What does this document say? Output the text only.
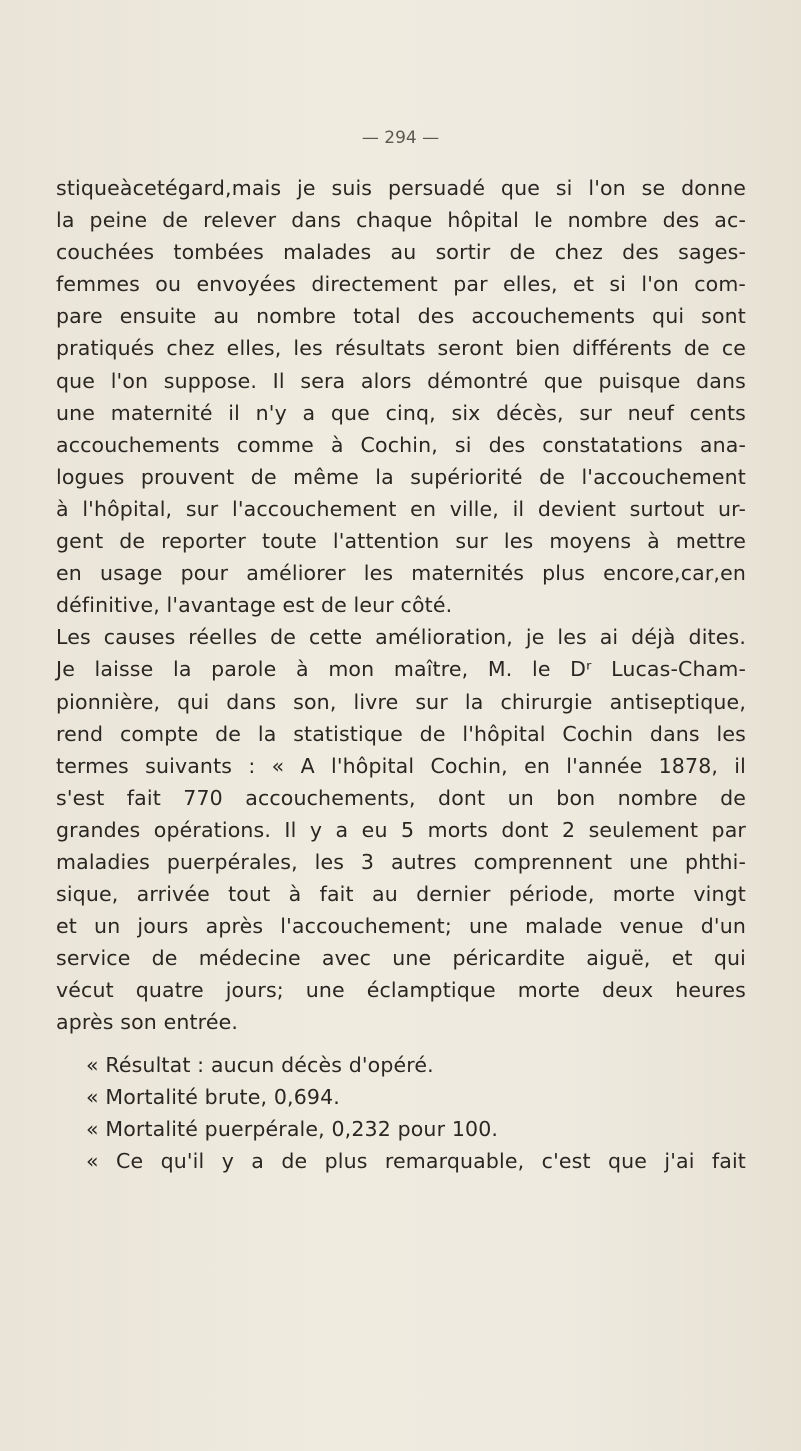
— 294 —
stiqueàcetégard,mais je suis persuadé que si l'on se donne
la peine de relever dans chaque hôpital le nombre des ac-
couchées tombées malades au sortir de chez des sages-
femmes ou envoyées directement par elles, et si l'on com-
pare ensuite au nombre total des accouchements qui sont
pratiqués chez elles, les résultats seront bien différents de ce
que l'on suppose. Il sera alors démontré que puisque dans
une maternité il n'y a que cinq, six décès, sur neuf cents
accouchements comme à Cochin, si des constatations ana-
logues prouvent de même la supériorité de l'accouchement
à l'hôpital, sur l'accouchement en ville, il devient surtout ur-
gent de reporter toute l'attention sur les moyens à mettre
en usage pour améliorer les maternités plus encore,car,en
définitive, l'avantage est de leur côté.
Les causes réelles de cette amélioration, je les ai déjà dites.
Je laisse la parole à mon maître, M. le Dʳ Lucas-Cham-
pionnière, qui dans son, livre sur la chirurgie antiseptique,
rend compte de la statistique de l'hôpital Cochin dans les
termes suivants : « A l'hôpital Cochin, en l'année 1878, il
s'est fait 770 accouchements, dont un bon nombre de
grandes opérations. Il y a eu 5 morts dont 2 seulement par
maladies puerpérales, les 3 autres comprennent une phthi-
sique, arrivée tout à fait au dernier période, morte vingt
et un jours après l'accouchement; une malade venue d'un
service de médecine avec une péricardite aiguë, et qui
vécut quatre jours; une éclamptique morte deux heures
après son entrée.
« Résultat : aucun décès d'opéré.
« Mortalité brute, 0,694.
« Mortalité puerpérale, 0,232 pour 100.
« Ce qu'il y a de plus remarquable, c'est que j'ai fait
